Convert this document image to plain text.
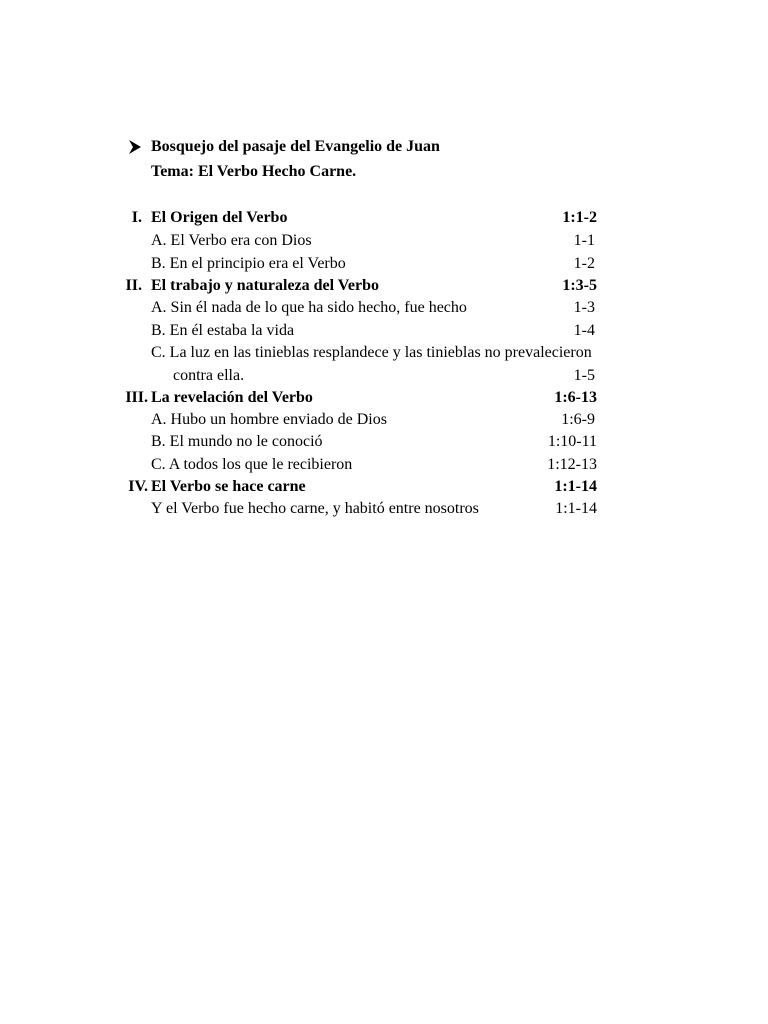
Bosquejo del pasaje del Evangelio de Juan
Tema: El Verbo Hecho Carne.
I. El Origen del Verbo	1:1-2
A. El Verbo era con Dios	1-1
B. En el principio era el Verbo	1-2
II. El trabajo y naturaleza del Verbo	1:3-5
A. Sin él nada de lo que ha sido hecho, fue hecho	1-3
B. En él estaba la vida	1-4
C. La luz en las tinieblas resplandece y las tinieblas no prevalecieron
contra ella.	1-5
III. La revelación del Verbo	1:6-13
A. Hubo un hombre enviado de Dios	1:6-9
B. El mundo no le conoció	1:10-11
C. A todos los que le recibieron	1:12-13
IV. El Verbo se hace carne	1:1-14
Y el Verbo fue hecho carne, y habitó entre nosotros	1:1-14
